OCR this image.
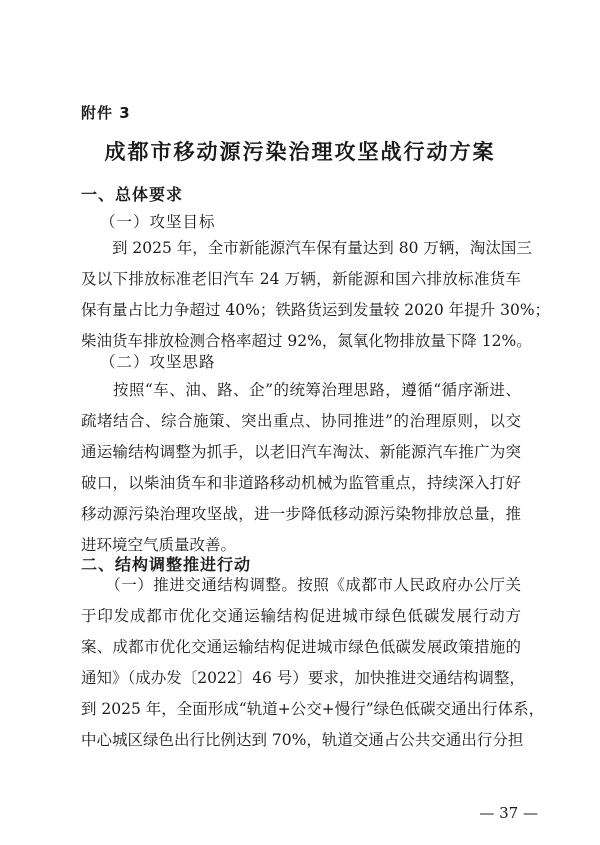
附件 3
成都市移动源污染治理攻坚战行动方案
一、总体要求
（一）攻坚目标
　　到 2025 年，全市新能源汽车保有量达到 80 万辆，淘汰国三
及以下排放标准老旧汽车 24 万辆，新能源和国六排放标准货车
保有量占比力争超过 40%；铁路货运到发量较 2020 年提升 30%；
柴油货车排放检测合格率超过 92%，氮氧化物排放量下降 12%。
（二）攻坚思路
　　按照“车、油、路、企”的统筹治理思路，遵循“循序渐进、
疏堵结合、综合施策、突出重点、协同推进”的治理原则，以交
通运输结构调整为抓手，以老旧汽车淘汰、新能源汽车推广为突
破口，以柴油货车和非道路移动机械为监管重点，持续深入打好
移动源污染治理攻坚战，进一步降低移动源污染物排放总量，推
进环境空气质量改善。
二、结构调整推进行动
　　（一）推进交通结构调整。按照《成都市人民政府办公厅关
于印发成都市优化交通运输结构促进城市绿色低碳发展行动方
案、成都市优化交通运输结构促进城市绿色低碳发展政策措施的
通知》（成办发〔2022〕46 号）要求，加快推进交通结构调整，
到 2025 年，全面形成“轨道+公交+慢行”绿色低碳交通出行体系，
中心城区绿色出行比例达到 70%，轨道交通占公共交通出行分担
— 37 —
